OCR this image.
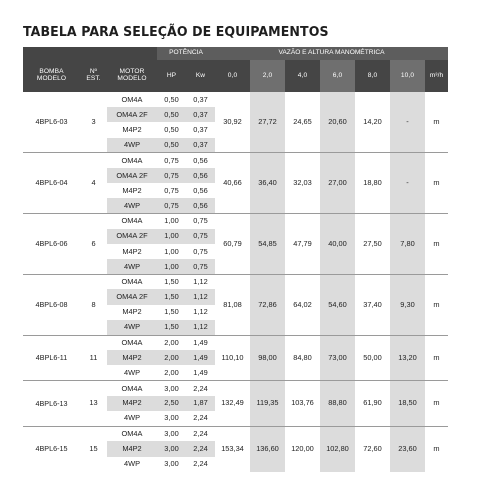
TABELA PARA SELEÇÃO DE EQUIPAMENTOS
			POTÊNCIA		VAZÃO E ALTURA MANOMÉTRICA						
BOMBA
MODELO	Nº
EST.	MOTOR
MODELO	HP	Kw	0,0	2,0	4,0	6,0	8,0	10,0	m³/h
4BPL6-03	3	OM4A	0,50	0,37	30,92	27,72	24,65	20,60	14,20	-	m
		OM4A 2F	0,50	0,37							
		M4P2	0,50	0,37							
		4WP	0,50	0,37							
4BPL6-04	4	OM4A	0,75	0,56	40,66	36,40	32,03	27,00	18,80	-	m
		OM4A 2F	0,75	0,56							
		M4P2	0,75	0,56							
		4WP	0,75	0,56							
4BPL6-06	6	OM4A	1,00	0,75	60,79	54,85	47,79	40,00	27,50	7,80	m
		OM4A 2F	1,00	0,75							
		M4P2	1,00	0,75							
		4WP	1,00	0,75							
4BPL6-08	8	OM4A	1,50	1,12	81,08	72,86	64,02	54,60	37,40	9,30	m
		OM4A 2F	1,50	1,12							
		M4P2	1,50	1,12							
		4WP	1,50	1,12							
4BPL6-11	11	OM4A	2,00	1,49	110,10	98,00	84,80	73,00	50,00	13,20	m
		M4P2	2,00	1,49							
		4WP	2,00	1,49							
4BPL6-13	13	OM4A	3,00	2,24	132,49	119,35	103,76	88,80	61,90	18,50	m
		M4P2	2,50	1,87							
		4WP	3,00	2,24							
4BPL6-15	15	OM4A	3,00	2,24	153,34	136,60	120,00	102,80	72,60	23,60	m
		M4P2	3,00	2,24							
		4WP	3,00	2,24							
